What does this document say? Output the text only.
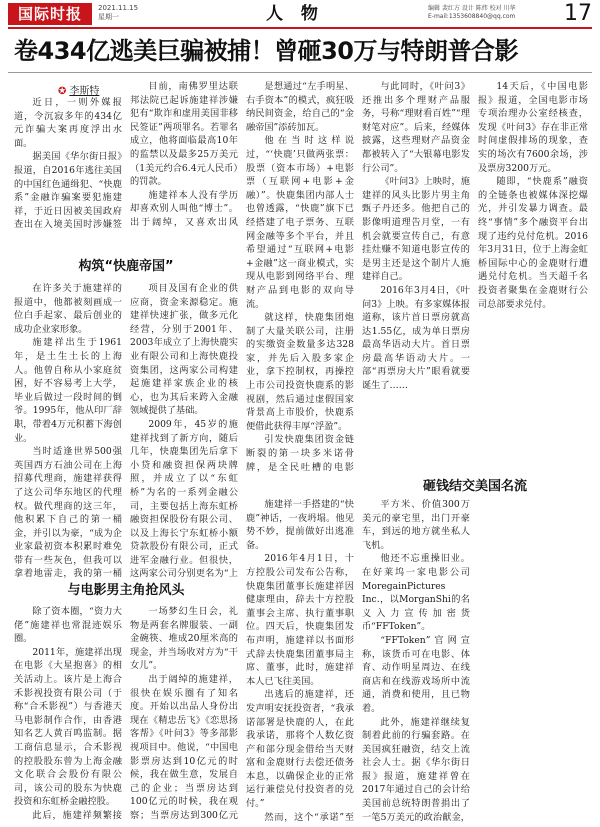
国际时报	2021.11.15
星期一	人 物	编辑 裴红方 设计 陈炜 校对 川华
E-mail:1353608840@qq.com	17
卷434亿逃美巨骗被捕！曾砸30万与特朗普合影
✪ 李斯特

近日，一则外媒报道，令沉寂多年的434亿元诈骗大案再度浮出水面。

据美国《华尔街日报》报道，自2016年逃往美国的中国红色通缉犯、“快鹿系”金融诈骗案要犯施建祥，于近日因被美国政府查出在入境美国时涉嫌签

目前，南佛罗里达联邦法院已起诉施建祥涉嫌犯有“欺诈和虚用美国非移民签证”两项罪名。若罪名成立，他将面临最高10年的监禁以及最多25万美元（1美元约合6.4元人民币）的罚款。

施建祥本人没有学历却喜欢别人叫他“博士”。出于阔绰，又喜欢出风

是想通过“左手明星、右手资本”的模式，疯狂吸纳民间资金，给自己的“金融帝国”添砖加瓦。

他在当时这样说过，“‘快鹿’只做两张票：股票（资本市场）+电影票（互联网+电影+金融）”。快鹿集团内部人士也曾透露，“快鹿”旗下已经搭建了电子票务、互联网金融等多个平台，并且希望通过“互联网+电影+金融”这一商业模式，实现从电影到网络平台、理财产品到电影的双向导流。

就这样，快鹿集团炮制了大量关联公司，注册的实缴资金数量多达328家，并先后入股多家企业，拿下控制权，再操控上市公司投资快鹿系的影视剧，然后通过虚假国家背景高上市股价，快鹿系便借此获得丰厚“浮盈”。

引发快鹿集团资金链断裂的第一块多米诺骨牌，是全民吐槽的电影

与此同时，《叶问3》还推出多个理财产品服务，号称“理财看百姓”“理财笔对应”。后来，经媒体披露，这些理财产品资金都被转入了“大银幕电影发行公司”。

《叶问3》上映时，施建祥的风头比影片男主角甄子丹还多。他把自己的影像明道理告月堂，一有机会就要宣传自己，有意挂灶赚不知道电影宣传的是男主还是这个制片人施建祥自己。

2016年3月4日，《叶问3》上映。有多家媒体报道称，该片首日票房就高达1.55亿，成为单日票房最高华语动大片。首日票房最高华语动大片。一部“再票房大片”眼看就要诞生了……

构筑“快鹿帝国”

在许多关于施建祥的报道中，他都被刻画成一位白手起家、最后创业的成功企业家形象。

施建祥出生于1961年，是土生土长的上海人。他曾自称从小家庭贫困，好不容易考上大学，毕业后做过一段时间的倒爷。1995年，他从印厂辞职，带着4万元积蓄下海创业。

当时适逢世界500强英国西方石油公司在上海招募代理商，施建祥获得了这公司华东地区的代理权。做代理商的这三年，他积累下自己的第一桶金，并引以为豪，“成为企业家最初资本积累时难免带有一些灰色，但我可以拿着地雷走，我的第一桶

项目及国有企业的供应商，资金来源稳定。施建祥快速扩张，做多元化经营，分别于2001年、2003年成立了上海快鹿实业有限公司和上海快鹿投资集团，这两家公司构建起施建祥家族企业的核心，也为其后来跨入金融领域提供了基础。

2009年，45岁的施建祥找到了新方向，随后几年，快鹿集团先后拿下小贷和融资担保两块牌照，并成立了以“东虹桥”为名的一系列金融公司，主要包括上海东虹桥融资担保股份有限公司、以及上海长宁东虹桥小额贷款股份有限公司，正式进军金融行业。但很快，这两家公司分别更名为“上

砸钱结交美国名流
与电影男主角抢风头

除了资本圈，“资力大佬”施建祥也常混迹娱乐圈。

2011年，施建祥出现在电影《大星抱喜》的相关活动上。该片是上海合禾影视投资有限公司（于称“合禾影视”）与香港天马电影制作合作，由香港知名艺人黄百鸣监制。据工商信息显示，合禾影视的控股股东曾为上海金融文化联合会股份有限公司，该公司的股东为快鹿投资和东虹桥金融控股。

此后，施建祥频繁接

一场梦幻生日会，礼物是两套名牌服装、一副金碗筷、堆成20厘米高的现金，并当场收对方为“干女儿”。

出于阔绰的施建祥，很快在娱乐圈有了知名度。开始以出品人身份出现在《精忠岳飞》《恋思扬客帮》《叶问3》等多部影视项目中。他说，“中国电影票房达到10亿元的时候，我在做生意，发展自己的企业；当票房达到100亿元的时候，我在观察；当票房达到300亿元

施建祥一手搭建的“快鹿”神话，一夜坍塌。他见势不妙，提前做好出逃准备。

2016年4月1日，十方控股公司发布公告称，快鹿集团董事长施建祥因健康理由，辞去十方控股董事会主席、执行董事职位。四天后，快鹿集团发布声明，施建祥以书面形式辞去快鹿集团董事局主席、董事，此时，施建祥本人已飞往美国。

出逃后的施建祥，还发声明安抚投资者，“我承诺部署是快鹿的人，在此我承诺，那将个人数亿资产和部分现金借给当天财富和金鹿财行去偿还债务本息，以确保企业的正常运行兼偿兑付投资者的兑付。”

然而，这个“承诺”至

平方米、价值300万美元的豪宅里，出门开豪车，到远的地方就坐私人飞机。

他还不忘重操旧业。在好莱坞一家电影公司MoregainPictures Inc.，以MorganShi的名义入力宣传加密货币“FFToken”。

“FFToken”官网宣称，该货币可在电影、体育、动作明星周边、在线商店和在线游戏场所中流通，消费和使用，且已物着。

此外，施建祥继续复制着此前的行骗套路。在美国疯狂融资，结交上流社会人士。据《华尔街日报》报道，施建祥曾在2017年通过自己的会计给美国前总统特朗普捐出了一笔5万美元的政治献金，

14天后，《中国电影报》报道，全国电影市场专项治理办公室经核查，发现《叶问3》存在非正常时间虚假排场的现象，查实的场次有7600余场，涉及票房3200万元。

随即，“快鹿系”融资的全链条也被媒体深挖爆光，并引发暴力调查。最终“事情”多个融资平台出现了违约兑付危机。2016年3月31日，位于上海金虹桥国际中心的金鹿财行遭遇兑付危机。当天超千名投资者聚集在金鹿财行公司总部要求兑付。
